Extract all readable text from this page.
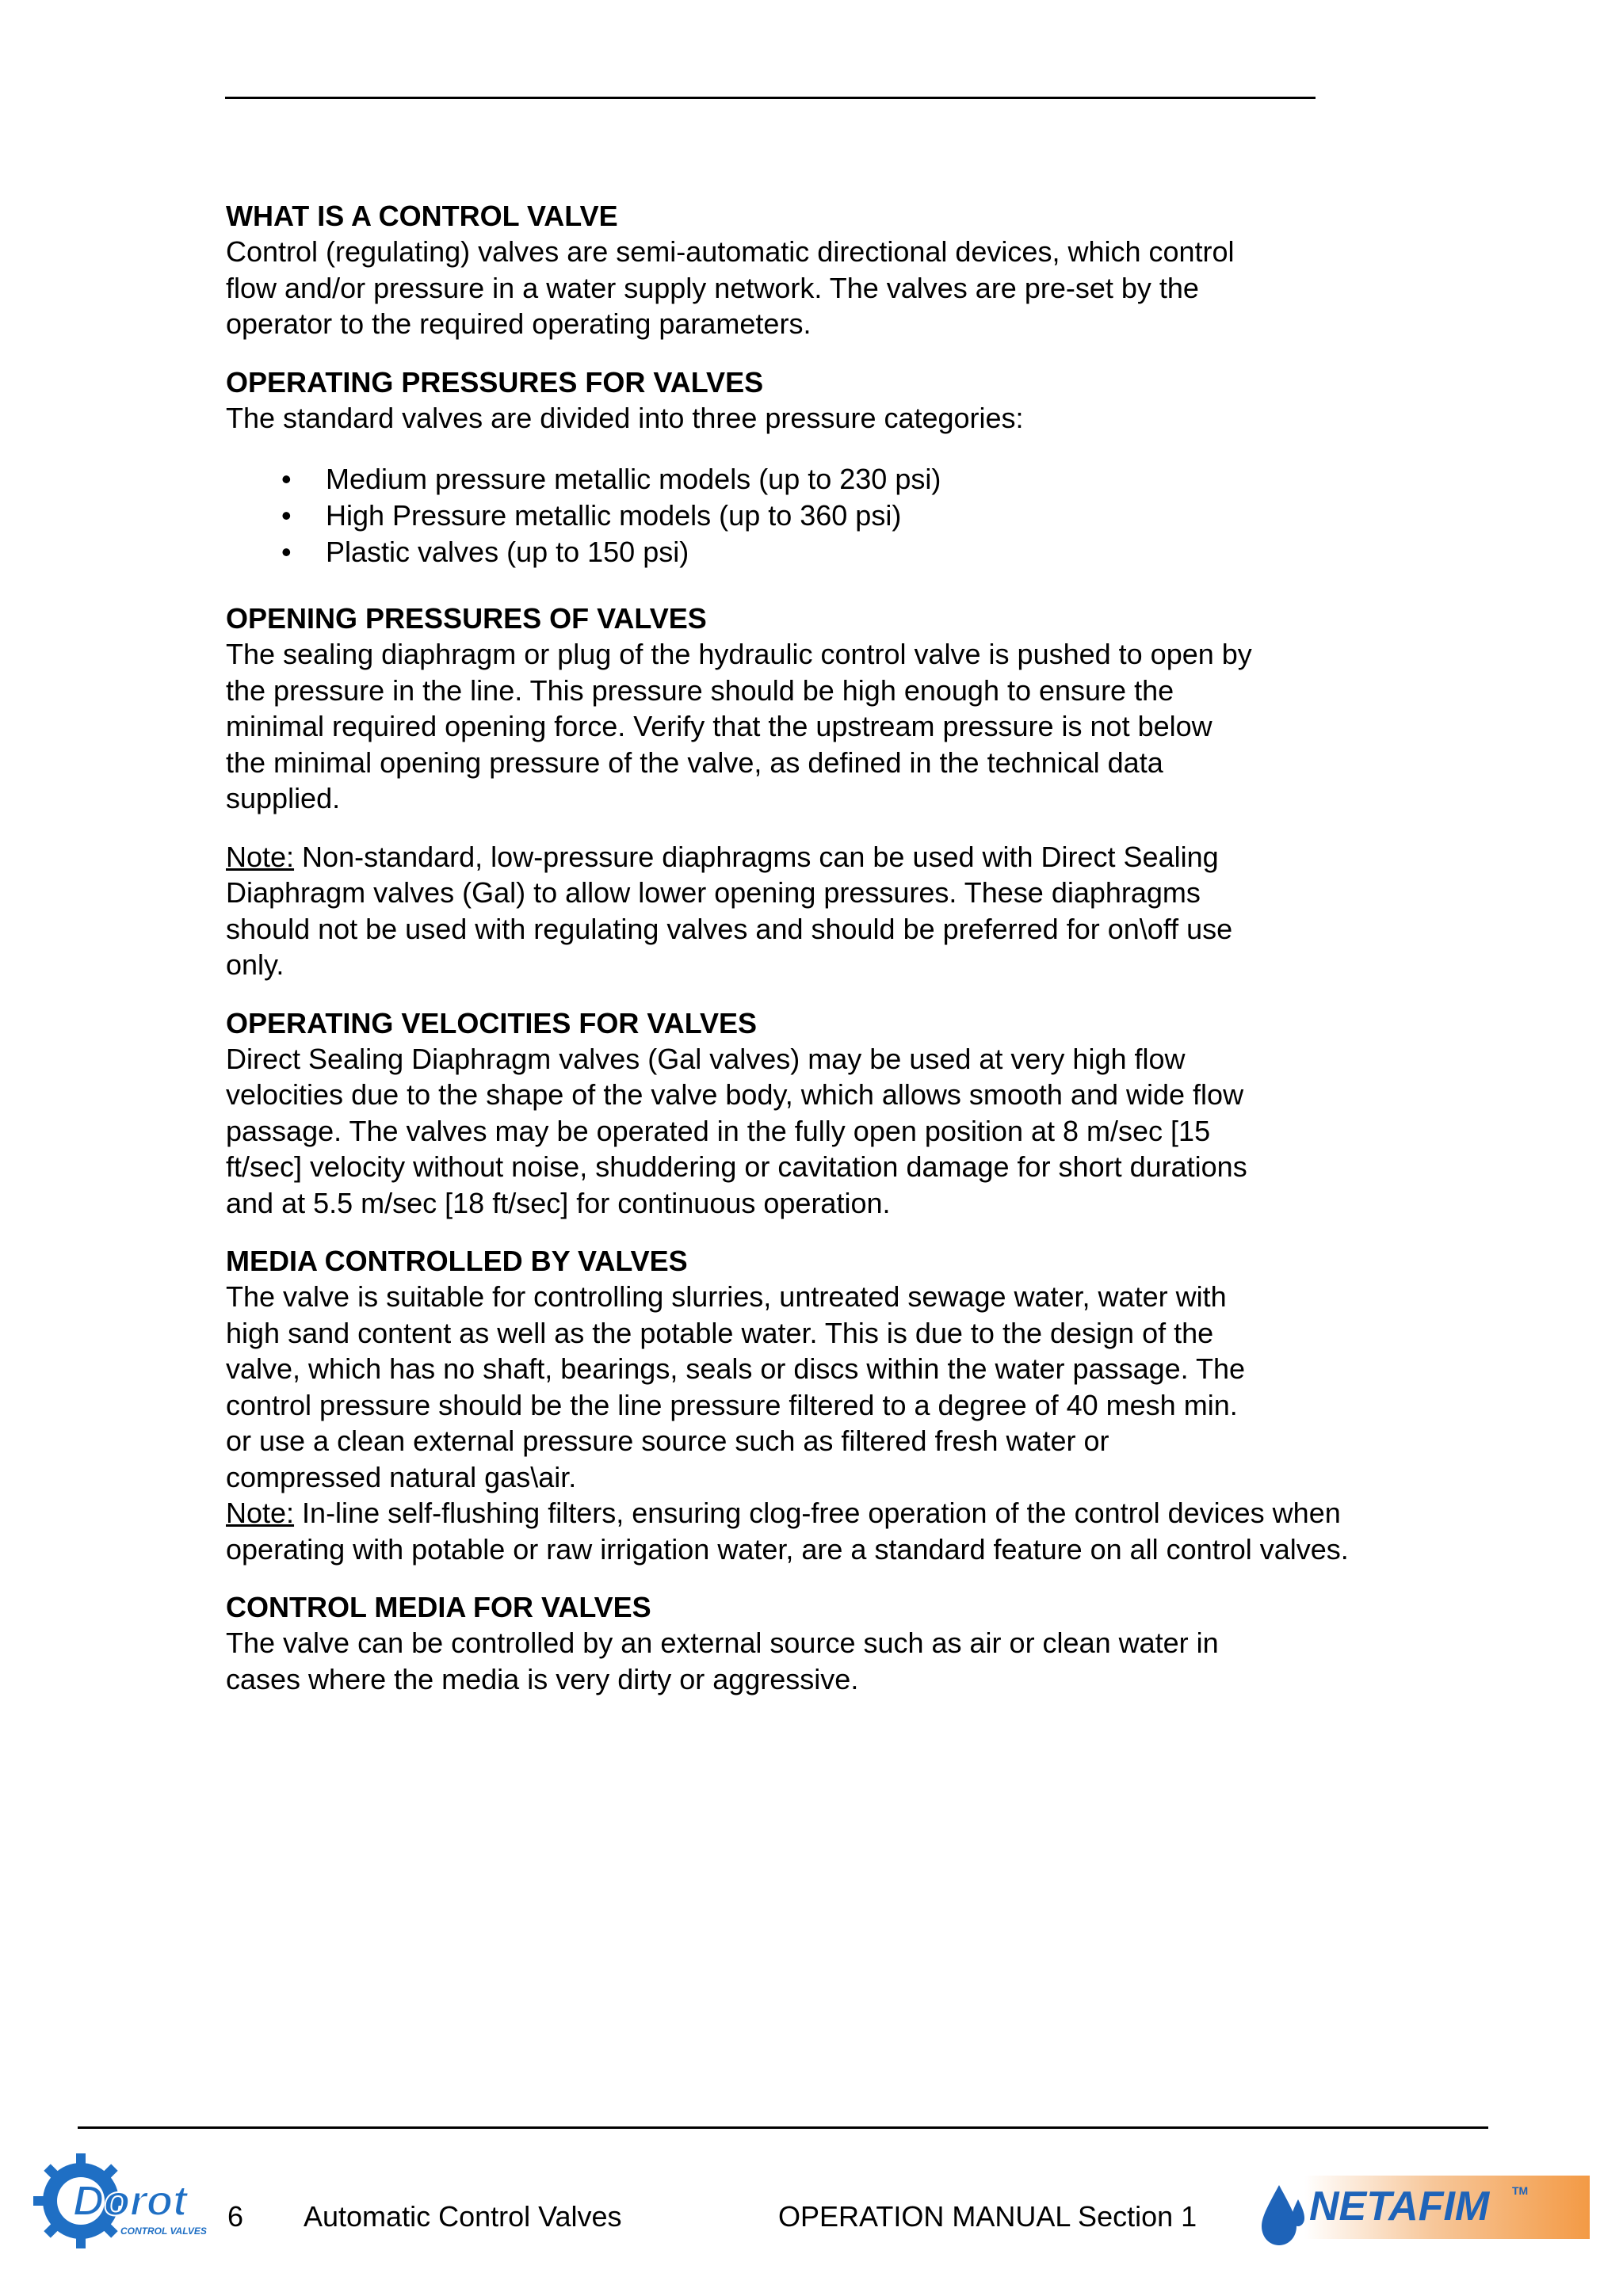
WHAT IS A CONTROL VALVE

Control (regulating) valves are semi-automatic directional devices, which control
flow and/or pressure in a water supply network. The valves are pre-set by the
operator to the required operating parameters.

OPERATING PRESSURES FOR VALVES

The standard valves are divided into three pressure categories:

• Medium pressure metallic models (up to 230 psi)
• High Pressure metallic models (up to 360 psi)
• Plastic valves (up to 150 psi)
OPENING PRESSURES OF VALVES

The sealing diaphragm or plug of the hydraulic control valve is pushed to open by
the pressure in the line. This pressure should be high enough to ensure the
minimal required opening force. Verify that the upstream pressure is not below
the minimal opening pressure of the valve, as defined in the technical data
supplied.

Note: Non-standard, low-pressure diaphragms can be used with Direct Sealing
Diaphragm valves (Gal) to allow lower opening pressures. These diaphragms
should not be used with regulating valves and should be preferred for on\off use
only.

OPERATING VELOCITIES FOR VALVES

Direct Sealing Diaphragm valves (Gal valves) may be used at very high flow
velocities due to the shape of the valve body, which allows smooth and wide flow
passage. The valves may be operated in the fully open position at 8 m/sec [15
ft/sec] velocity without noise, shuddering or cavitation damage for short durations
and at 5.5 m/sec [18 ft/sec] for continuous operation.

MEDIA CONTROLLED BY VALVES

The valve is suitable for controlling slurries, untreated sewage water, water with
high sand content as well as the potable water. This is due to the design of the
valve, which has no shaft, bearings, seals or discs within the water passage. The
control pressure should be the line pressure filtered to a degree of 40 mesh min.
or use a clean external pressure source such as filtered fresh water or
compressed natural gas\air.

Note: In-line self-flushing filters, ensuring clog-free operation of the control devices when
operating with potable or raw irrigation water, are a standard feature on all control valves.

CONTROL MEDIA FOR VALVES

The valve can be controlled by an external source such as air or clean water in
cases where the media is very dirty or aggressive.

Dorot
CONTROL VALVES 6 Automatic Control Valves	OPERATION MANUAL Section 1	NETAFIM TM
